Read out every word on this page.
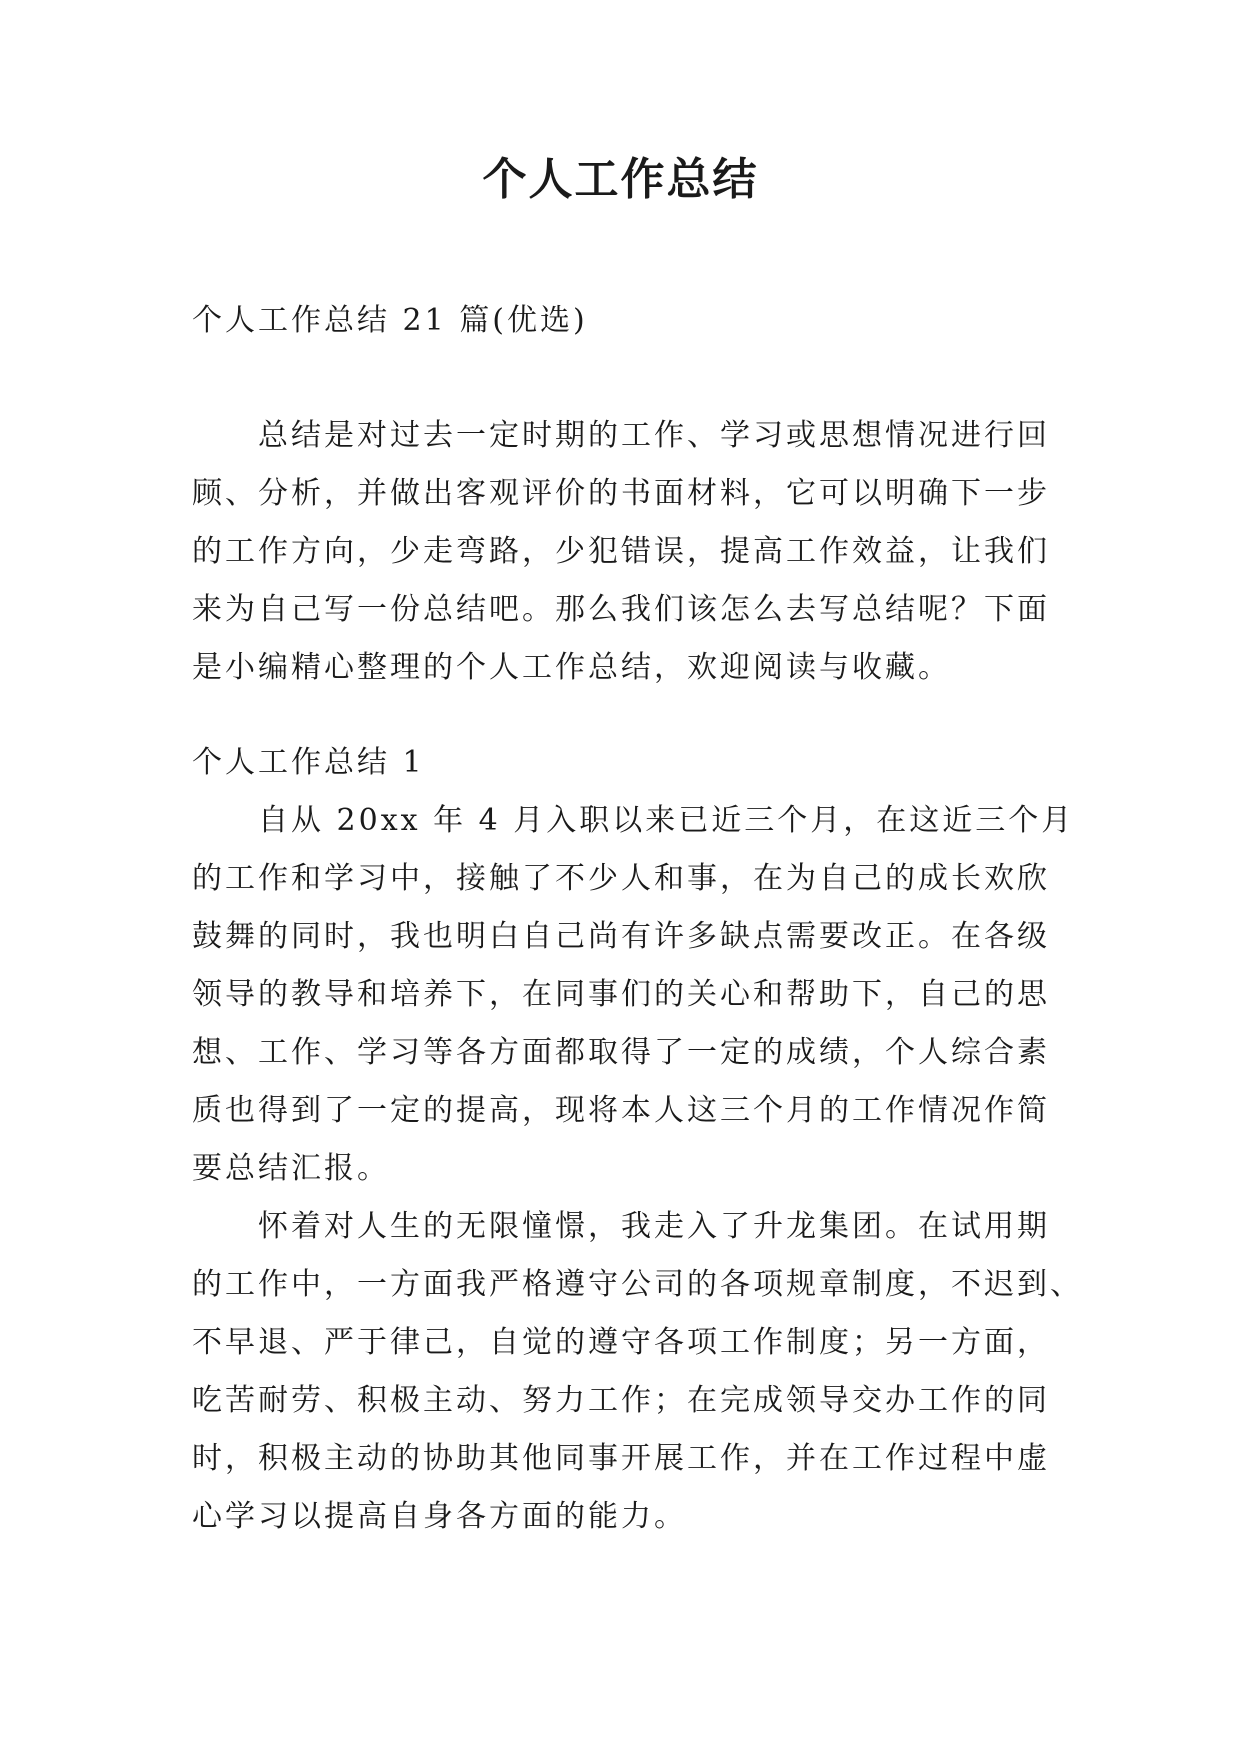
个人工作总结

个人工作总结 21 篇(优选)

总结是对过去一定时期的工作、学习或思想情况进行回

顾、分析，并做出客观评价的书面材料，它可以明确下一步

的工作方向，少走弯路，少犯错误，提高工作效益，让我们

来为自己写一份总结吧。那么我们该怎么去写总结呢？下面

是小编精心整理的个人工作总结，欢迎阅读与收藏。

个人工作总结 1

自从 20xx 年 4 月入职以来已近三个月，在这近三个月

的工作和学习中，接触了不少人和事，在为自己的成长欢欣

鼓舞的同时，我也明白自己尚有许多缺点需要改正。在各级

领导的教导和培养下，在同事们的关心和帮助下，自己的思

想、工作、学习等各方面都取得了一定的成绩，个人综合素

质也得到了一定的提高，现将本人这三个月的工作情况作简

要总结汇报。

怀着对人生的无限憧憬，我走入了升龙集团。在试用期

的工作中，一方面我严格遵守公司的各项规章制度，不迟到、

不早退、严于律己，自觉的遵守各项工作制度；另一方面，

吃苦耐劳、积极主动、努力工作；在完成领导交办工作的同

时，积极主动的协助其他同事开展工作，并在工作过程中虚

心学习以提高自身各方面的能力。
